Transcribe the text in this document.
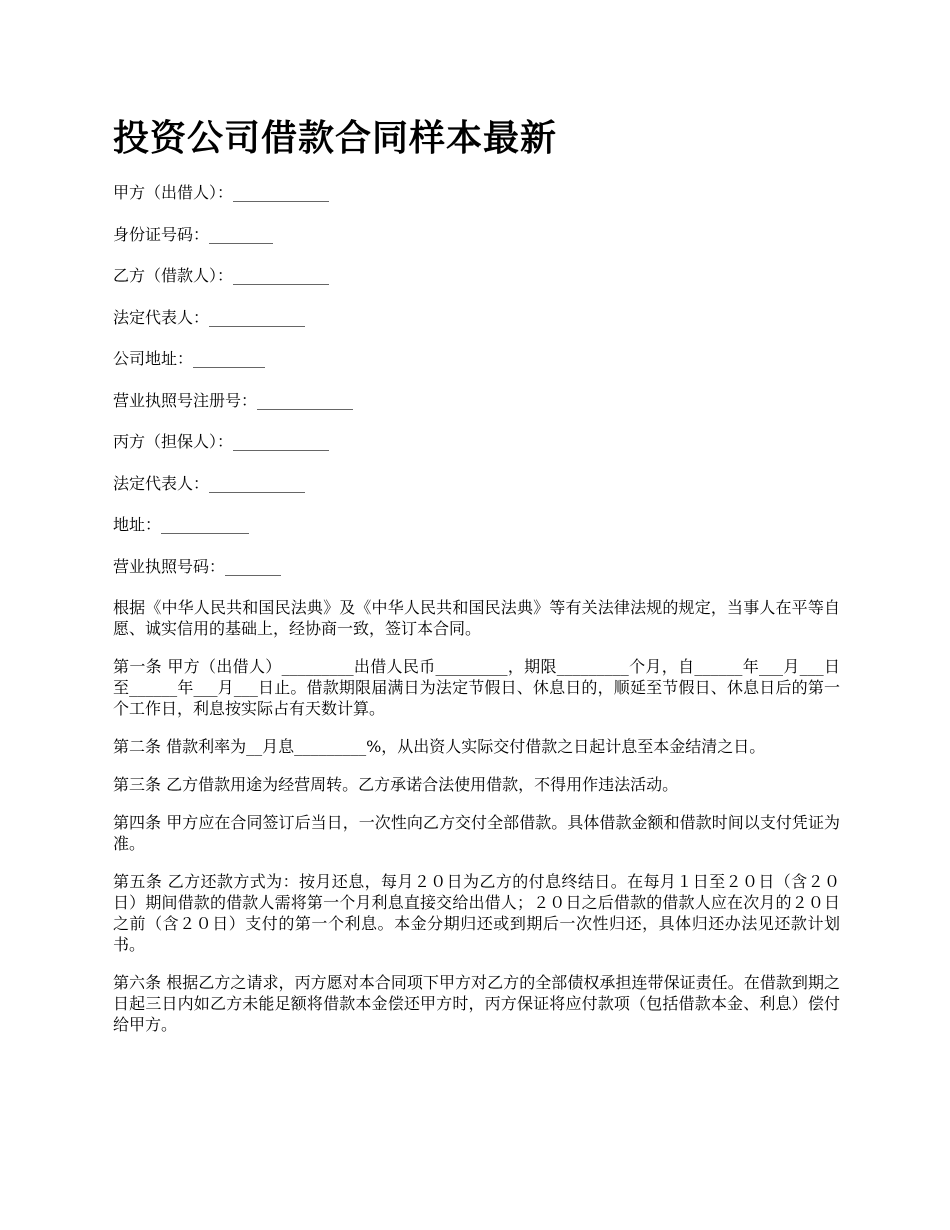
投资公司借款合同样本最新

甲方（出借人）：____________

身份证号码：________

乙方（借款人）：____________

法定代表人：____________

公司地址：_________

营业执照号注册号：____________

丙方（担保人）：____________

法定代表人：____________

地址：___________

营业执照号码：_______

根据《中华人民共和国民法典》及《中华人民共和国民法典》等有关法律法规的规定，当事人在平等自愿、诚实信用的基础上，经协商一致，签订本合同。

第一条 甲方（出借人）_________出借人民币_________，期限_________个月，自______年___月___日至______年___月___日止。借款期限届满日为法定节假日、休息日的，顺延至节假日、休息日后的第一个工作日，利息按实际占有天数计算。

第二条 借款利率为__月息_________%，从出资人实际交付借款之日起计息至本金结清之日。

第三条 乙方借款用途为经营周转。乙方承诺合法使用借款，不得用作违法活动。

第四条 甲方应在合同签订后当日，一次性向乙方交付全部借款。具体借款金额和借款时间以支付凭证为准。

第五条 乙方还款方式为：按月还息，每月２０日为乙方的付息终结日。在每月１日至２０日（含２０日）期间借款的借款人需将第一个月利息直接交给出借人；２０日之后借款的借款人应在次月的２０日之前（含２０日）支付的第一个利息。本金分期归还或到期后一次性归还，具体归还办法见还款计划书。

第六条 根据乙方之请求，丙方愿对本合同项下甲方对乙方的全部债权承担连带保证责任。在借款到期之日起三日内如乙方未能足额将借款本金偿还甲方时，丙方保证将应付款项（包括借款本金、利息）偿付给甲方。
